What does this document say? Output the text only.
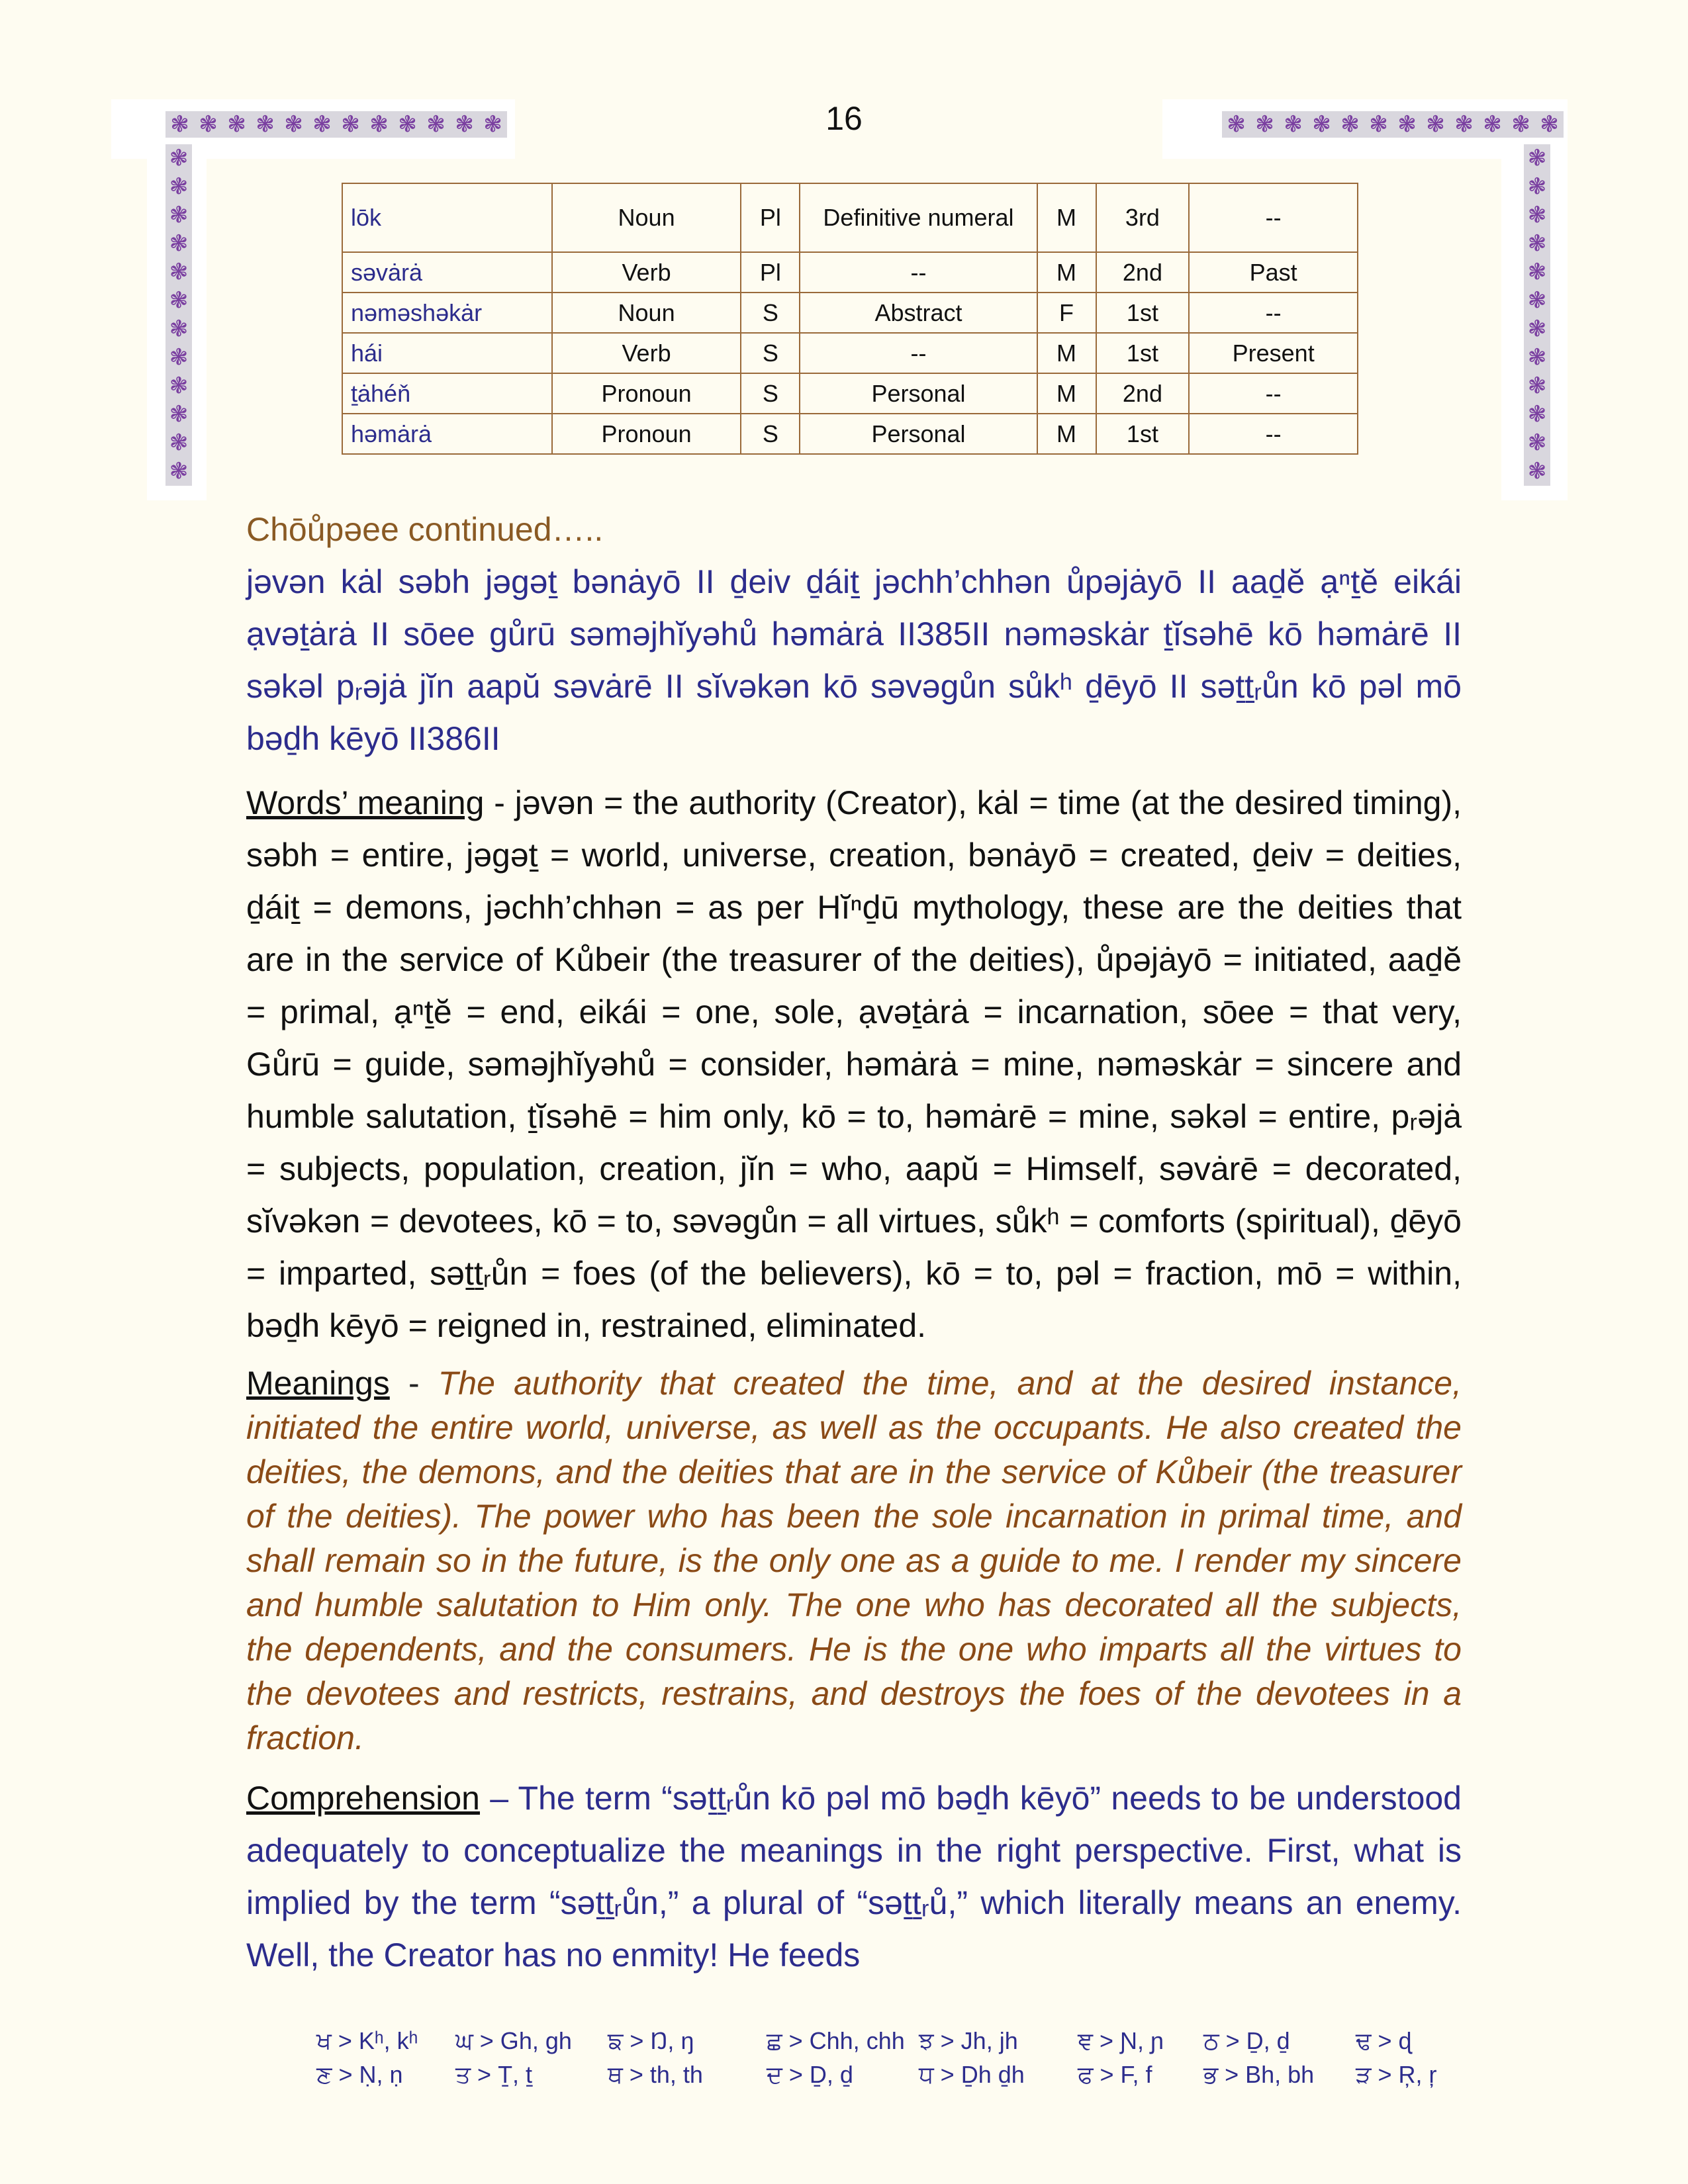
❃ ❃ ❃ ❃ ❃ ❃ ❃ ❃ ❃ ❃ ❃ ❃
❃
❃
❃
❃
❃
❃
❃
❃
❃
❃
❃
❃
❃ ❃ ❃ ❃ ❃ ❃ ❃ ❃ ❃ ❃ ❃ ❃
❃
❃
❃
❃
❃
❃
❃
❃
❃
❃
❃
❃
16
lōk	Noun	Pl	Definitive numeral	M	3rd	--
səvȧrȧ	Verb	Pl	--	M	2nd	Past
nəməshəkȧr	Noun	S	Abstract	F	1st	--
hái	Verb	S	--	M	1st	Present
ṯȧhéň	Pronoun	S	Personal	M	2nd	--
həmȧrȧ	Pronoun	S	Personal	M	1st	--
Chōůpəee continued…..
jəvən kȧl səbh jəgəṯ bənȧyō II ḏeiv ḏáiṯ jəchh’chhən ůpəjȧyō II aaḏĕ ạⁿṯĕ eikái ạvəṯȧrȧ II sōee gůrū səməjhĭyəhů həmȧrȧ II385II nəməskȧr ṯĭsəhē kō həmȧrē II səkəl pᵣəjȧ jĭn aapŭ səvȧrē II sĭvəkən kō səvəgůn sůkʰ ḏēyō II səṯṯᵣůn kō pəl mō bəḏh kēyō II386II
Words’ meaning - jəvən = the authority (Creator), kȧl = time (at the desired timing), səbh = entire, jəgəṯ = world, universe, creation, bənȧyō = created, ḏeiv = deities, ḏáiṯ = demons, jəchh’chhən = as per Hĭⁿḏū mythology, these are the deities that are in the service of Kůbeir (the treasurer of the deities), ůpəjȧyō = initiated, aaḏĕ = primal, ạⁿṯĕ = end, eikái = one, sole, ạvəṯȧrȧ = incarnation, sōee = that very, Gůrū = guide, səməjhĭyəhů = consider, həmȧrȧ = mine, nəməskȧr = sincere and humble salutation, ṯĭsəhē = him only, kō = to, həmȧrē = mine, səkəl = entire, pᵣəjȧ = subjects, population, creation, jĭn = who, aapŭ = Himself, səvȧrē = decorated, sĭvəkən = devotees, kō = to, səvəgůn = all virtues, sůkʰ = comforts (spiritual), ḏēyō = imparted, səṯṯᵣůn = foes (of the believers), kō = to, pəl = fraction, mō = within, bəḏh kēyō = reigned in, restrained, eliminated.
Meanings - The authority that created the time, and at the desired instance, initiated the entire world, universe, as well as the occupants. He also created the deities, the demons, and the deities that are in the service of Kůbeir (the treasurer of the deities). The power who has been the sole incarnation in primal time, and shall remain so in the future, is the only one as a guide to me. I render my sincere and humble salutation to Him only. The one who has decorated all the subjects, the dependents, and the consumers. He is the one who imparts all the virtues to the devotees and restricts, restrains, and destroys the foes of the devotees in a fraction.
Comprehension – The term “səṯṯᵣůn kō pəl mō bəḏh kēyō” needs to be understood adequately to conceptualize the meanings in the right perspective. First, what is implied by the term “səṯṯᵣůn,” a plural of “səṯṯᵣů,” which literally means an enemy. Well, the Creator has no enmity! He feeds
ਖ > Kʰ, kʰ	ਘ > Gh, gh	ਙ > Ŋ, ŋ	ਛ > Chh, chh ਝ > Jh, jh	ਞ > Ɲ, ɲ	ਠ > Ḏ, ḏ	ਢ > ɖ
ਣ > Ṇ, ṇ	ਤ > Ṯ, ṯ	ਥ > th, th	ਦ > Ḏ, ḏ	ਧ > Ḏh ḏh	ਫ > F, f	ਭ > Bh, bh	ੜ > Ŗ, ŗ
